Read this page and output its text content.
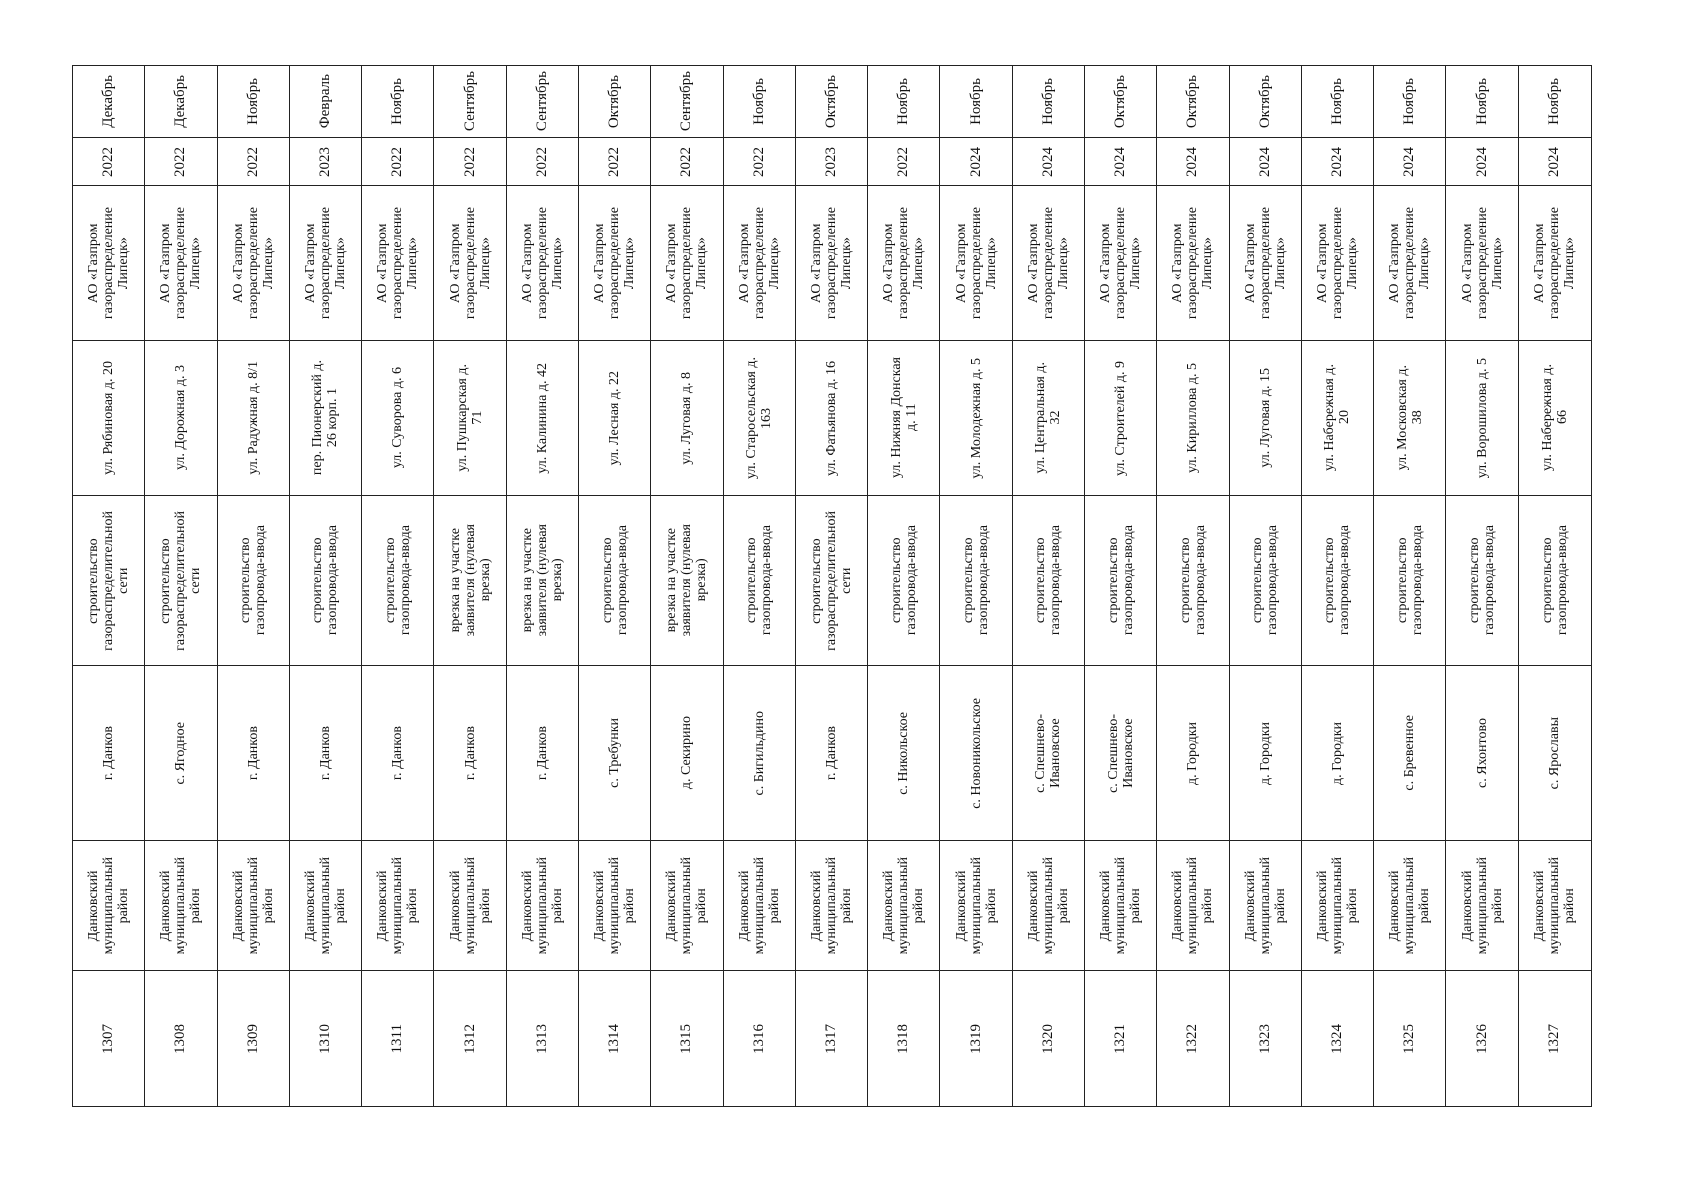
Декабрь
2022
АО «Газпром
газораспределение
Липецк»
ул. Рябиновая д. 20
строительство
газораспределительной
сети
г. Данков
Данковский
муниципальный
район
1307
Декабрь
2022
АО «Газпром
газораспределение
Липецк»
ул. Дорожная д. 3
строительство
газораспределительной
сети
с. Ягодное
Данковский
муниципальный
район
1308
Ноябрь
2022
АО «Газпром
газораспределение
Липецк»
ул. Радужная д. 8/1
строительство
газопровода-ввода
г. Данков
Данковский
муниципальный
район
1309
Февраль
2023
АО «Газпром
газораспределение
Липецк»
пер. Пионерский д.
26 корп. 1
строительство
газопровода-ввода
г. Данков
Данковский
муниципальный
район
1310
Ноябрь
2022
АО «Газпром
газораспределение
Липецк»
ул. Суворова д. 6
строительство
газопровода-ввода
г. Данков
Данковский
муниципальный
район
1311
Сентябрь
2022
АО «Газпром
газораспределение
Липецк»
ул. Пушкарская д.
71
врезка на участке
заявителя (нулевая
врезка)
г. Данков
Данковский
муниципальный
район
1312
Сентябрь
2022
АО «Газпром
газораспределение
Липецк»
ул. Калинина д. 42
врезка на участке
заявителя (нулевая
врезка)
г. Данков
Данковский
муниципальный
район
1313
Октябрь
2022
АО «Газпром
газораспределение
Липецк»
ул. Лесная д. 22
строительство
газопровода-ввода
с. Требунки
Данковский
муниципальный
район
1314
Сентябрь
2022
АО «Газпром
газораспределение
Липецк»
ул. Луговая д. 8
врезка на участке
заявителя (нулевая
врезка)
д. Секирино
Данковский
муниципальный
район
1315
Ноябрь
2022
АО «Газпром
газораспределение
Липецк»
ул. Старосельская д.
163
строительство
газопровода-ввода
с. Бигильдино
Данковский
муниципальный
район
1316
Октябрь
2023
АО «Газпром
газораспределение
Липецк»
ул. Фатьянова д. 16
строительство
газораспределительной
сети
г. Данков
Данковский
муниципальный
район
1317
Ноябрь
2022
АО «Газпром
газораспределение
Липецк»
ул. Нижняя Донская
д. 11
строительство
газопровода-ввода
с. Никольское
Данковский
муниципальный
район
1318
Ноябрь
2024
АО «Газпром
газораспределение
Липецк»
ул. Молодежная д. 5
строительство
газопровода-ввода
с. Новоникольское
Данковский
муниципальный
район
1319
Ноябрь
2024
АО «Газпром
газораспределение
Липецк»
ул. Центральная д.
32
строительство
газопровода-ввода
с. Спешнево-
Ивановское
Данковский
муниципальный
район
1320
Октябрь
2024
АО «Газпром
газораспределение
Липецк»
ул. Строителей д. 9
строительство
газопровода-ввода
с. Спешнево-
Ивановское
Данковский
муниципальный
район
1321
Октябрь
2024
АО «Газпром
газораспределение
Липецк»
ул. Кириллова д. 5
строительство
газопровода-ввода
д. Городки
Данковский
муниципальный
район
1322
Октябрь
2024
АО «Газпром
газораспределение
Липецк»
ул. Луговая д. 15
строительство
газопровода-ввода
д. Городки
Данковский
муниципальный
район
1323
Ноябрь
2024
АО «Газпром
газораспределение
Липецк»
ул. Набережная д.
20
строительство
газопровода-ввода
д. Городки
Данковский
муниципальный
район
1324
Ноябрь
2024
АО «Газпром
газораспределение
Липецк»
ул. Московская д.
38
строительство
газопровода-ввода
с. Бревенное
Данковский
муниципальный
район
1325
Ноябрь
2024
АО «Газпром
газораспределение
Липецк»
ул. Ворошилова д. 5
строительство
газопровода-ввода
с. Яхонтово
Данковский
муниципальный
район
1326
Ноябрь
2024
АО «Газпром
газораспределение
Липецк»
ул. Набережная д.
66
строительство
газопровода-ввода
с. Ярославы
Данковский
муниципальный
район
1327
